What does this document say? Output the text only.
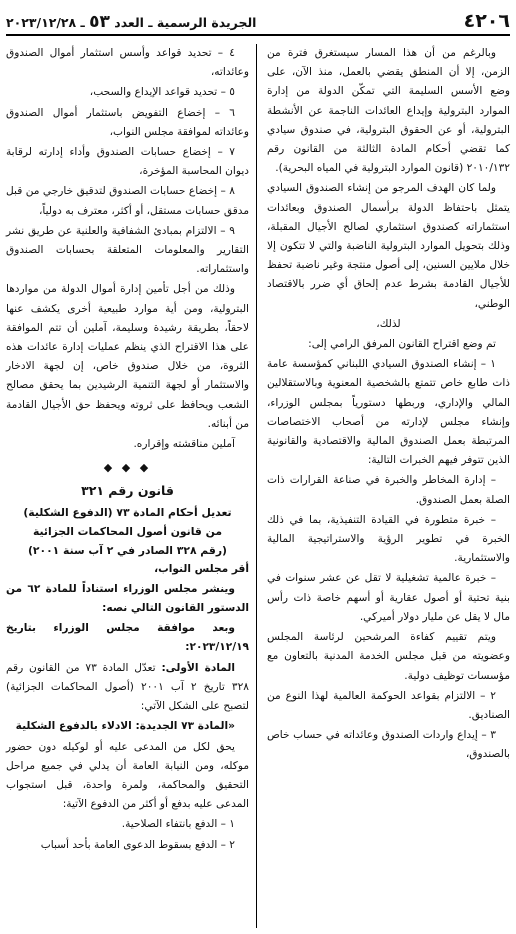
٤٢٠٦
الجريدة الرسمية ـ العدد ٥٣ ـ ٢٠٢٣/١٢/٢٨

وبالرغم من أن هذا المسار سيستغرق فترة من الزمن، إلا أن المنطق يقضي بالعمل، منذ الآن، على وضع الأسس السليمة التي تمكّن الدولة من إدارة الموارد البترولية وإيداع العائدات الناجمة عن الأنشطة البترولية، أو عن الحقوق البترولية، في صندوق سيادي كما تقضي أحكام المادة الثالثة من القانون رقم ٢٠١٠/١٣٢ (قانون الموارد البترولية في المياه البحرية).

ولما كان الهدف المرجو من إنشاء الصندوق السيادي يتمثل باحتفاظ الدولة برأسمال الصندوق وبعائدات استثماراته كصندوق استثماري لصالح الأجيال المقبلة، وذلك بتحويل الموارد البترولية الناضبة والتي لا تتكون إلا خلال ملايين السنين، إلى أصول منتجة وغير ناضبة تحفظ للأجيال القادمة بشرط عدم إلحاق أي ضرر بالاقتصاد الوطني،

لذلك،

تم وضع اقتراح القانون المرفق الرامي إلى:

١ – إنشاء الصندوق السيادي اللبناني كمؤسسة عامة ذات طابع خاص تتمتع بالشخصية المعنوية وبالاستقلالين المالي والإداري، وربطها دستورياً بمجلس الوزراء، وإنشاء مجلس لإدارته من أصحاب الاختصاصات المرتبطة بعمل الصندوق المالية والاقتصادية والقانونية الذين تتوفر فيهم الخبرات التالية:

– إدارة المخاطر والخبرة في صناعة القرارات ذات الصلة بعمل الصندوق.

– خبرة متطورة في القيادة التنفيذية، بما في ذلك الخبرة في تطوير الرؤية والاستراتيجية المالية والاستثمارية.

– خبرة عالمية تشغيلية لا تقل عن عشر سنوات في بنية تحتية أو أصول عقارية أو أسهم خاصة ذات رأس مال لا يقل عن مليار دولار أميركي.

ويتم تقييم كفاءة المرشحين لرئاسة المجلس وعضويته من قبل مجلس الخدمة المدنية بالتعاون مع مؤسسات توظيف دولية.

٢ – الالتزام بقواعد الحوكمة العالمية لهذا النوع من الصناديق.

٣ – إيداع واردات الصندوق وعائداته في حساب خاص بالصندوق،

٤ – تحديد قواعد وأسس استثمار أموال الصندوق وعائداته،

٥ – تحديد قواعد الإيداع والسحب،

٦ – إخضاع التفويض باستثمار أموال الصندوق وعائداته لموافقة مجلس النواب،

٧ – إخضاع حسابات الصندوق وأداء إدارته لرقابة ديوان المحاسبة المؤخرة،

٨ – إخضاع حسابات الصندوق لتدقيق خارجي من قبل مدقق حسابات مستقل، أو أكثر، معترف به دولياً،

٩ – الالتزام بمبادئ الشفافية والعلنية عن طريق نشر التقارير والمعلومات المتعلقة بحسابات الصندوق واستثماراته.

وذلك من أجل تأمين إدارة أموال الدولة من مواردها البترولية، ومن أية موارد طبيعية أخرى يكشف عنها لاحقاً، بطريقة رشيدة وسليمة، آملين أن تتم الموافقة على هذا الاقتراح الذي ينظم عمليات إدارة عائدات هذه الثروة، من خلال صندوق خاص، إن لجهة الادخار والاستثمار أو لجهة التنمية الرشيدين بما يحقق مصالح الشعب ويحافظ على ثروته ويحفظ حق الأجيال القادمة من أبنائه.

آملين مناقشته وإقراره.

◆ ◆ ◆
قانون رقم ٣٢١
تعديل أحكام المادة ٧٣ (الدفوع الشكلية)
من قانون أصول المحاكمات الجزائية
(رقم ٣٢٨ الصادر في ٢ آب سنة ٢٠٠١)

أقر مجلس النواب،

وينشر مجلس الوزراء استناداً للمادة ٦٢ من الدستور القانون التالي نصه:

وبعد موافقة مجلس الوزراء بتاريخ ٢٠٢٣/١٢/١٩:

المادة الأولى: تعدّل المادة ٧٣ من القانون رقم ٣٢٨ تاريخ ٢ آب ٢٠٠١ (أصول المحاكمات الجزائية) لتصبح على الشكل الآتي:

«المادة ٧٣ الجديدة: الادلاء بالدفوع الشكلية

يحق لكل من المدعى عليه أو لوكيله دون حضور موكله، ومن النيابة العامة أن يدلي في جميع مراحل التحقيق والمحاكمة، ولمرة واحدة، قبل استجواب المدعى عليه بدفع أو أكثر من الدفوع الآتية:

١ – الدفع بانتفاء الصلاحية.

٢ – الدفع بسقوط الدعوى العامة بأحد أسباب
